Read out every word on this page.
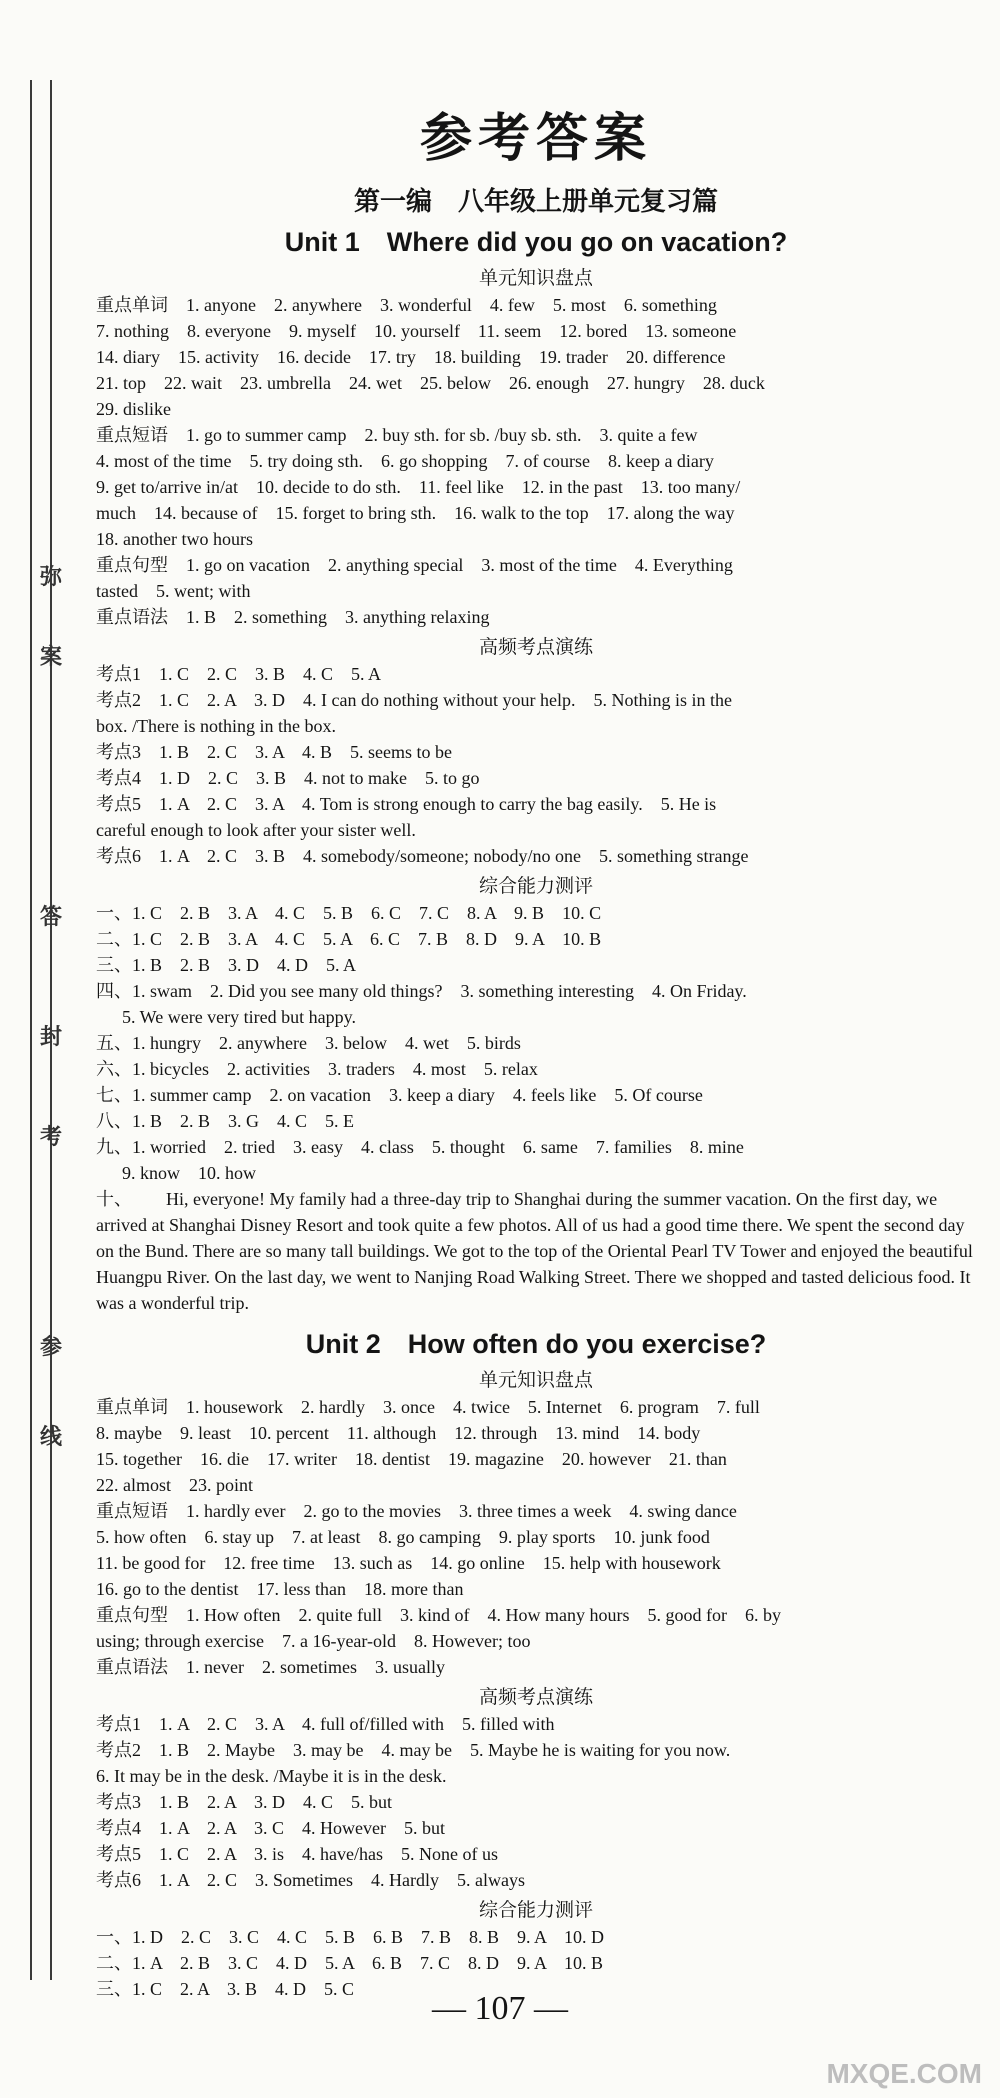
弥
案
答
封
考
参
线
参考答案
第一编　八年级上册单元复习篇
Unit 1　Where did you go on vacation?
单元知识盘点

重点单词　1. anyone　2. anywhere　3. wonderful　4. few　5. most　6. something

7. nothing　8. everyone　9. myself　10. yourself　11. seem　12. bored　13. someone

14. diary　15. activity　16. decide　17. try　18. building　19. trader　20. difference

21. top　22. wait　23. umbrella　24. wet　25. below　26. enough　27. hungry　28. duck

29. dislike

重点短语　1. go to summer camp　2. buy sth. for sb. /buy sb. sth.　3. quite a few

4. most of the time　5. try doing sth.　6. go shopping　7. of course　8. keep a diary

9. get to/arrive in/at　10. decide to do sth.　11. feel like　12. in the past　13. too many/

much　14. because of　15. forget to bring sth.　16. walk to the top　17. along the way

18. another two hours

重点句型　1. go on vacation　2. anything special　3. most of the time　4. Everything

tasted　5. went; with

重点语法　1. B　2. something　3. anything relaxing

高频考点演练

考点1　1. C　2. C　3. B　4. C　5. A

考点2　1. C　2. A　3. D　4. I can do nothing without your help.　5. Nothing is in the

box. /There is nothing in the box.

考点3　1. B　2. C　3. A　4. B　5. seems to be

考点4　1. D　2. C　3. B　4. not to make　5. to go

考点5　1. A　2. C　3. A　4. Tom is strong enough to carry the bag easily.　5. He is

careful enough to look after your sister well.

考点6　1. A　2. C　3. B　4. somebody/someone; nobody/no one　5. something strange

综合能力测评

一、1. C　2. B　3. A　4. C　5. B　6. C　7. C　8. A　9. B　10. C

二、1. C　2. B　3. A　4. C　5. A　6. C　7. B　8. D　9. A　10. B

三、1. B　2. B　3. D　4. D　5. A

四、1. swam　2. Did you see many old things?　3. something interesting　4. On Friday.

5. We were very tired but happy.

五、1. hungry　2. anywhere　3. below　4. wet　5. birds

六、1. bicycles　2. activities　3. traders　4. most　5. relax

七、1. summer camp　2. on vacation　3. keep a diary　4. feels like　5. Of course

八、1. B　2. B　3. G　4. C　5. E

九、1. worried　2. tried　3. easy　4. class　5. thought　6. same　7. families　8. mine

9. know　10. how

十、 Hi, everyone! My family had a three-day trip to Shanghai during the summer vacation. On the first day, we arrived at Shanghai Disney Resort and took quite a few photos. All of us had a good time there. We spent the second day on the Bund. There are so many tall buildings. We got to the top of the Oriental Pearl TV Tower and enjoyed the beautiful Huangpu River. On the last day, we went to Nanjing Road Walking Street. There we shopped and tasted delicious food. It was a wonderful trip.

Unit 2　How often do you exercise?
单元知识盘点

重点单词　1. housework　2. hardly　3. once　4. twice　5. Internet　6. program　7. full

8. maybe　9. least　10. percent　11. although　12. through　13. mind　14. body

15. together　16. die　17. writer　18. dentist　19. magazine　20. however　21. than

22. almost　23. point

重点短语　1. hardly ever　2. go to the movies　3. three times a week　4. swing dance

5. how often　6. stay up　7. at least　8. go camping　9. play sports　10. junk food

11. be good for　12. free time　13. such as　14. go online　15. help with housework

16. go to the dentist　17. less than　18. more than

重点句型　1. How often　2. quite full　3. kind of　4. How many hours　5. good for　6. by

using; through exercise　7. a 16-year-old　8. However; too

重点语法　1. never　2. sometimes　3. usually

高频考点演练

考点1　1. A　2. C　3. A　4. full of/filled with　5. filled with

考点2　1. B　2. Maybe　3. may be　4. may be　5. Maybe he is waiting for you now.

6. It may be in the desk. /Maybe it is in the desk.

考点3　1. B　2. A　3. D　4. C　5. but

考点4　1. A　2. A　3. C　4. However　5. but

考点5　1. C　2. A　3. is　4. have/has　5. None of us

考点6　1. A　2. C　3. Sometimes　4. Hardly　5. always

综合能力测评

一、1. D　2. C　3. C　4. C　5. B　6. B　7. B　8. B　9. A　10. D

二、1. A　2. B　3. C　4. D　5. A　6. B　7. C　8. D　9. A　10. B

三、1. C　2. A　3. B　4. D　5. C

— 107 —
MXQE.COM
